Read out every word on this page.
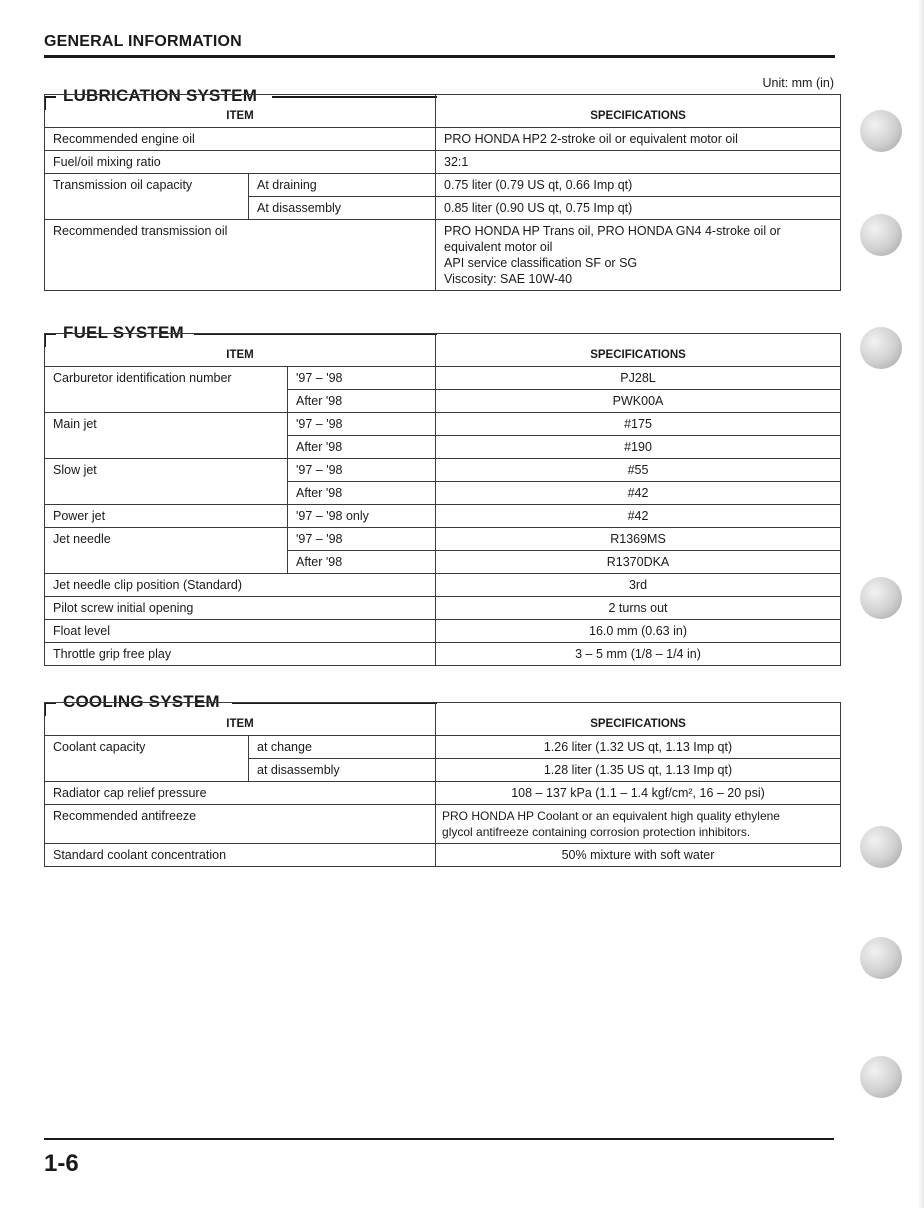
GENERAL INFORMATION
Unit: mm (in)
LUBRICATION SYSTEM
ITEM		SPECIFICATIONS
Recommended engine oil		PRO HONDA HP2 2-stroke oil or equivalent motor oil
Fuel/oil mixing ratio		32:1
Transmission oil capacity	At draining	0.75 liter (0.79 US qt, 0.66 Imp qt)
	At disassembly	0.85 liter (0.90 US qt, 0.75 Imp qt)
Recommended transmission oil		PRO HONDA HP Trans oil, PRO HONDA GN4 4-stroke oil or
equivalent motor oil
API service classification SF or SG
Viscosity: SAE 10W-40
FUEL SYSTEM
ITEM		SPECIFICATIONS
Carburetor identification number	'97 – '98	PJ28L
	After '98	PWK00A
Main jet	'97 – '98	#175
	After '98	#190
Slow jet	'97 – '98	#55
	After '98	#42
Power jet	'97 – '98 only	#42
Jet needle	'97 – '98	R1369MS
	After '98	R1370DKA
Jet needle clip position (Standard)		3rd
Pilot screw initial opening		2 turns out
Float level		16.0 mm (0.63 in)
Throttle grip free play		3 – 5 mm (1/8 – 1/4 in)
COOLING SYSTEM
ITEM		SPECIFICATIONS
Coolant capacity	at change	1.26 liter (1.32 US qt, 1.13 Imp qt)
	at disassembly	1.28 liter (1.35 US qt, 1.13 Imp qt)
Radiator cap relief pressure		108 – 137 kPa (1.1 – 1.4 kgf/cm², 16 – 20 psi)
Recommended antifreeze		PRO HONDA HP Coolant or an equivalent high quality ethylene
glycol antifreeze containing corrosion protection inhibitors.

Standard coolant concentration		50% mixture with soft water
1-6
